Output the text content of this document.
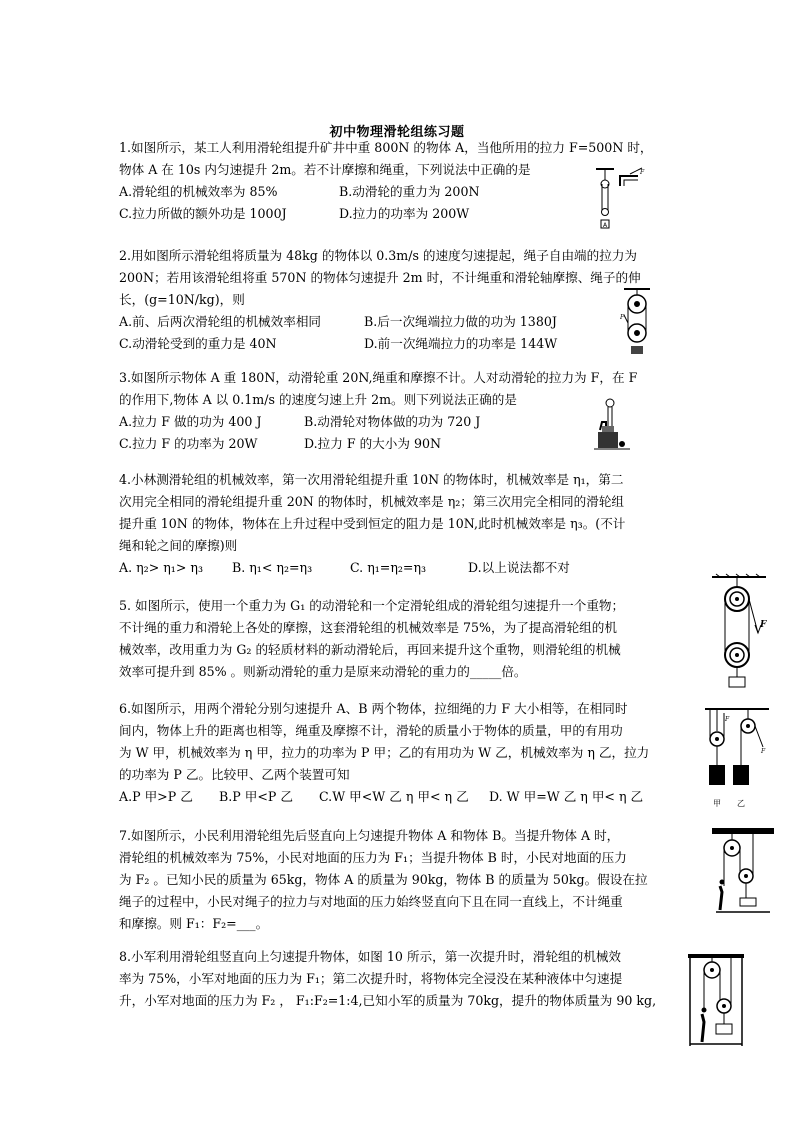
初中物理滑轮组练习题

1.如图所示，某工人利用滑轮组提升矿井中重 800N 的物体 A，当他所用的拉力 F=500N 时，

物体 A 在 10s 内匀速提升 2m。若不计摩擦和绳重，下列说法中正确的是

A.滑轮组的机械效率为 85%	B.动滑轮的重力为 200N
C.拉力所做的额外功是 1000J	D.拉力的功率为 200W
A
F

2.用如图所示滑轮组将质量为 48kg 的物体以 0.3m/s 的速度匀速提起，绳子自由端的拉力为

200N；若用该滑轮组将重 570N 的物体匀速提升 2m 时，不计绳重和滑轮轴摩擦、绳子的伸

长，(g=10N/kg)，则

A.前、后两次滑轮组的机械效率相同	B.后一次绳端拉力做的功为 1380J
C.动滑轮受到的重力是 40N	D.前一次绳端拉力的功率是 144W
F

3.如图所示物体 A 重 180N，动滑轮重 20N,绳重和摩擦不计。人对动滑轮的拉力为 F，在 F

的作用下,物体 A 以 0.1m/s 的速度匀速上升 2m。则下列说法正确的是

A.拉力 F 做的功为 400 J	B.动滑轮对物体做的功为 720 J
C.拉力 F 的功率为 20W	D.拉力 F 的大小为 90N

4.小林测滑轮组的机械效率，第一次用滑轮组提升重 10N 的物体时，机械效率是 η₁，第二

次用完全相同的滑轮组提升重 20N 的物体时，机械效率是 η₂；第三次用完全相同的滑轮组

提升重 10N 的物体，物体在上升过程中受到恒定的阻力是 10N,此时机械效率是 η₃。(不计

绳和轮之间的摩擦)则

A. η₂> η₁> η₃	B. η₁< η₂=η₃	C. η₁=η₂=η₃	D.以上说法都不对

5. 如图所示，使用一个重力为 G₁ 的动滑轮和一个定滑轮组成的滑轮组匀速提升一个重物；

不计绳的重力和滑轮上各处的摩擦，这套滑轮组的机械效率是 75%，为了提高滑轮组的机

械效率，改用重力为 G₂ 的轻质材料的新动滑轮后，再回来提升这个重物，则滑轮组的机械

效率可提升到 85% 。则新动滑轮的重力是原来动滑轮的重力的_____倍。

F

6.如图所示，用两个滑轮分别匀速提升 A、B 两个物体，拉细绳的力 F 大小相等，在相同时

间内，物体上升的距离也相等，绳重及摩擦不计，滑轮的质量小于物体的质量，甲的有用功

为 W 甲，机械效率为 η 甲，拉力的功率为 P 甲；乙的有用功为 W 乙，机械效率为 η 乙，拉力

的功率为 P 乙。比较甲、乙两个装置可知

A.P 甲>P 乙	B.P 甲<P 乙	C.W 甲<W 乙 η 甲< η 乙	D. W 甲=W 乙 η 甲< η 乙
F
F
甲 乙

7.如图所示，小民利用滑轮组先后竖直向上匀速提升物体 A 和物体 B。当提升物体 A 时，

滑轮组的机械效率为 75%，小民对地面的压力为 F₁；当提升物体 B 时，小民对地面的压力

为 F₂ 。已知小民的质量为 65kg，物体 A 的质量为 90kg，物体 B 的质量为 50kg。假设在拉

绳子的过程中，小民对绳子的拉力与对地面的压力始终竖直向下且在同一直线上，不计绳重

和摩擦。则 F₁：F₂=___。

8.小军利用滑轮组竖直向上匀速提升物体，如图 10 所示，第一次提升时，滑轮组的机械效

率为 75%，小军对地面的压力为 F₁；第二次提升时，将物体完全浸没在某种液体中匀速提

升，小军对地面的压力为 F₂ ， F₁:F₂=1:4,已知小军的质量为 70kg，提升的物体质量为 90 kg,
